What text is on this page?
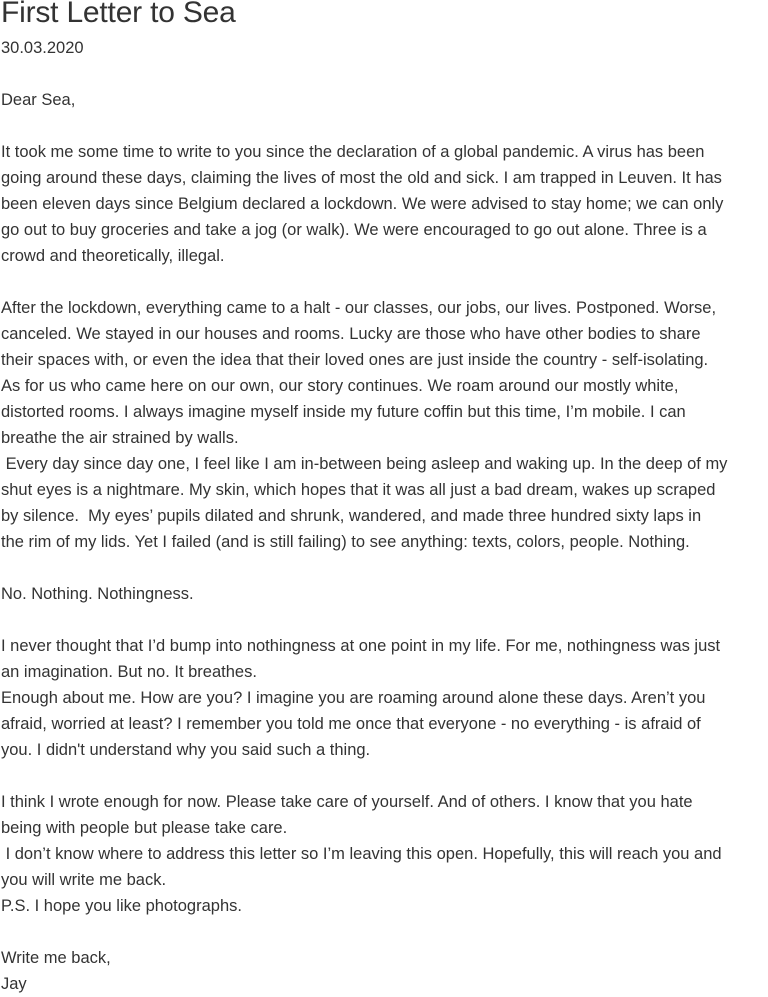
First Letter to Sea
30.03.2020

Dear Sea,

It took me some time to write to you since the declaration of a global pandemic. A virus has been
going around these days, claiming the lives of most the old and sick. I am trapped in Leuven. It has
been eleven days since Belgium declared a lockdown. We were advised to stay home; we can only
go out to buy groceries and take a jog (or walk). We were encouraged to go out alone. Three is a
crowd and theoretically, illegal.

After the lockdown, everything came to a halt - our classes, our jobs, our lives. Postponed. Worse,
canceled. We stayed in our houses and rooms. Lucky are those who have other bodies to share
their spaces with, or even the idea that their loved ones are just inside the country - self-isolating.
As for us who came here on our own, our story continues. We roam around our mostly white,
distorted rooms. I always imagine myself inside my future coffin but this time, I’m mobile. I can
breathe the air strained by walls.

Every day since day one, I feel like I am in-between being asleep and waking up. In the deep of my
shut eyes is a nightmare. My skin, which hopes that it was all just a bad dream, wakes up scraped
by silence.  My eyes’ pupils dilated and shrunk, wandered, and made three hundred sixty laps in
the rim of my lids. Yet I failed (and is still failing) to see anything: texts, colors, people. Nothing.

No. Nothing. Nothingness.

I never thought that I’d bump into nothingness at one point in my life. For me, nothingness was just
an imagination. But no. It breathes.

Enough about me. How are you? I imagine you are roaming around alone these days. Aren’t you
afraid, worried at least? I remember you told me once that everyone - no everything - is afraid of
you. I didn't understand why you said such a thing.

I think I wrote enough for now. Please take care of yourself. And of others. I know that you hate
being with people but please take care.

I don’t know where to address this letter so I’m leaving this open. Hopefully, this will reach you and
you will write me back.

P.S. I hope you like photographs.

Write me back,

Jay
